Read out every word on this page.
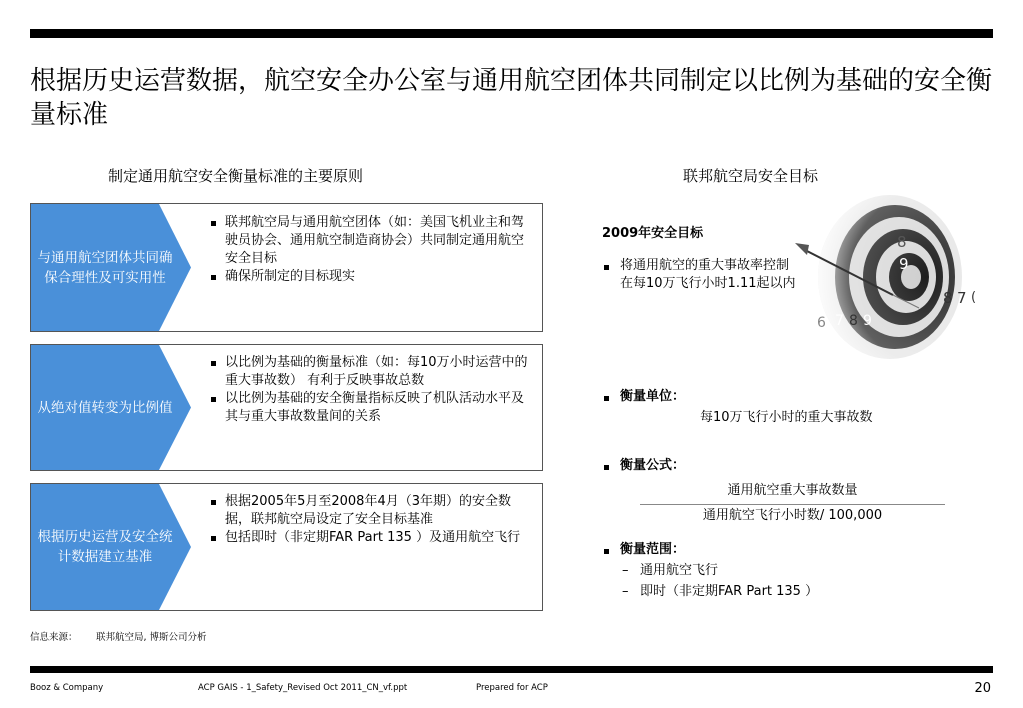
根据历史运营数据，航空安全办公室与通用航空团体共同制定以比例为基础的安全衡量标准
制定通用航空安全衡量标准的主要原则	联邦航空局安全目标
与通用航空团体共同确保合理性及可实用性
联邦航空局与通用航空团体（如：美国飞机业主和驾驶员协会、通用航空制造商协会）共同制定通用航空安全目标
确保所制定的目标现实
从绝对值转变为比例值
以比例为基础的衡量标准（如：每10万小时运营中的重大事故数） 有利于反映事故总数
以比例为基础的安全衡量指标反映了机队活动水平及其与重大事故数量间的关系
根据历史运营及安全统计数据建立基准
根据2005年5月至2008年4月（3年期）的安全数据，联邦航空局设定了安全目标基准
包括即时（非定期FAR Part 135 ）及通用航空飞行
2009年安全目标
将通用航空的重大事故率控制在每10万飞行小时1.11起以内
8
9
8 7
6 7 8 9
(
衡量单位：
每10万飞行小时的重大事故数
衡量公式：
通用航空重大事故数量
通用航空飞行小时数/ 100,000
衡量范围：
– 通用航空飞行
– 即时（非定期FAR Part 135 ）
信息来源： 联邦航空局, 博斯公司分析
Booz & Company	ACP GAIS - 1_Safety_Revised Oct 2011_CN_vf.ppt	Prepared for ACP	20
